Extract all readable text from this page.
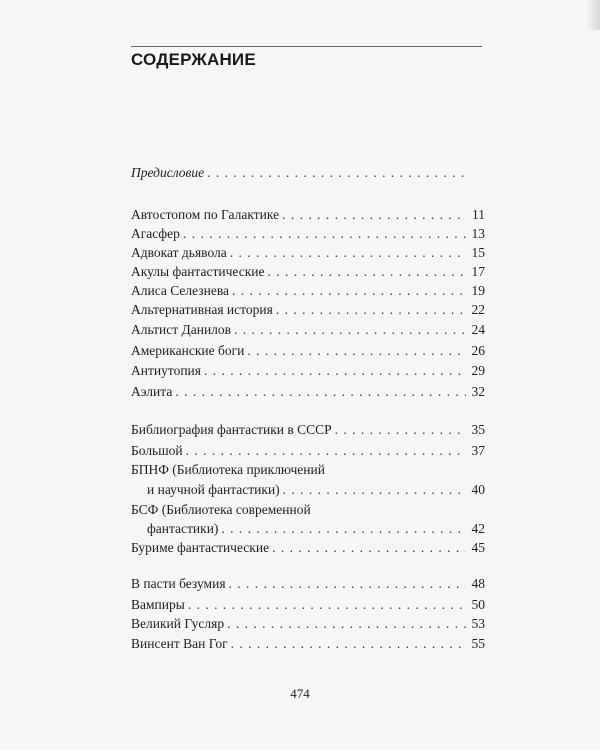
СОДЕРЖАНИЕ
Предисловие
. . .
Автостопом по Галактике . . .	11
Агасфер . . .	13
Адвокат дьявола . . .	15
Акулы фантастические . . .	17
Алиса Селезнева . . .	19
Альтернативная история . . .	22
Альтист Данилов . . .	24
Американские боги . . .	26
Антиутопия . . .	29
Аэлита . . .	32
Библиография фантастики в СССР . . .	35
Большой . . .	37
БПНФ (Библиотека приключений
и научной фантастики) . . .	40
БСФ (Библиотека современной
фантастики) . . .	42
Буриме фантастические . . .	45
В пасти безумия . . .	48
Вампиры . . .	50
Великий Гусляр . . .	53
Винсент Ван Гог . . .	55
474
